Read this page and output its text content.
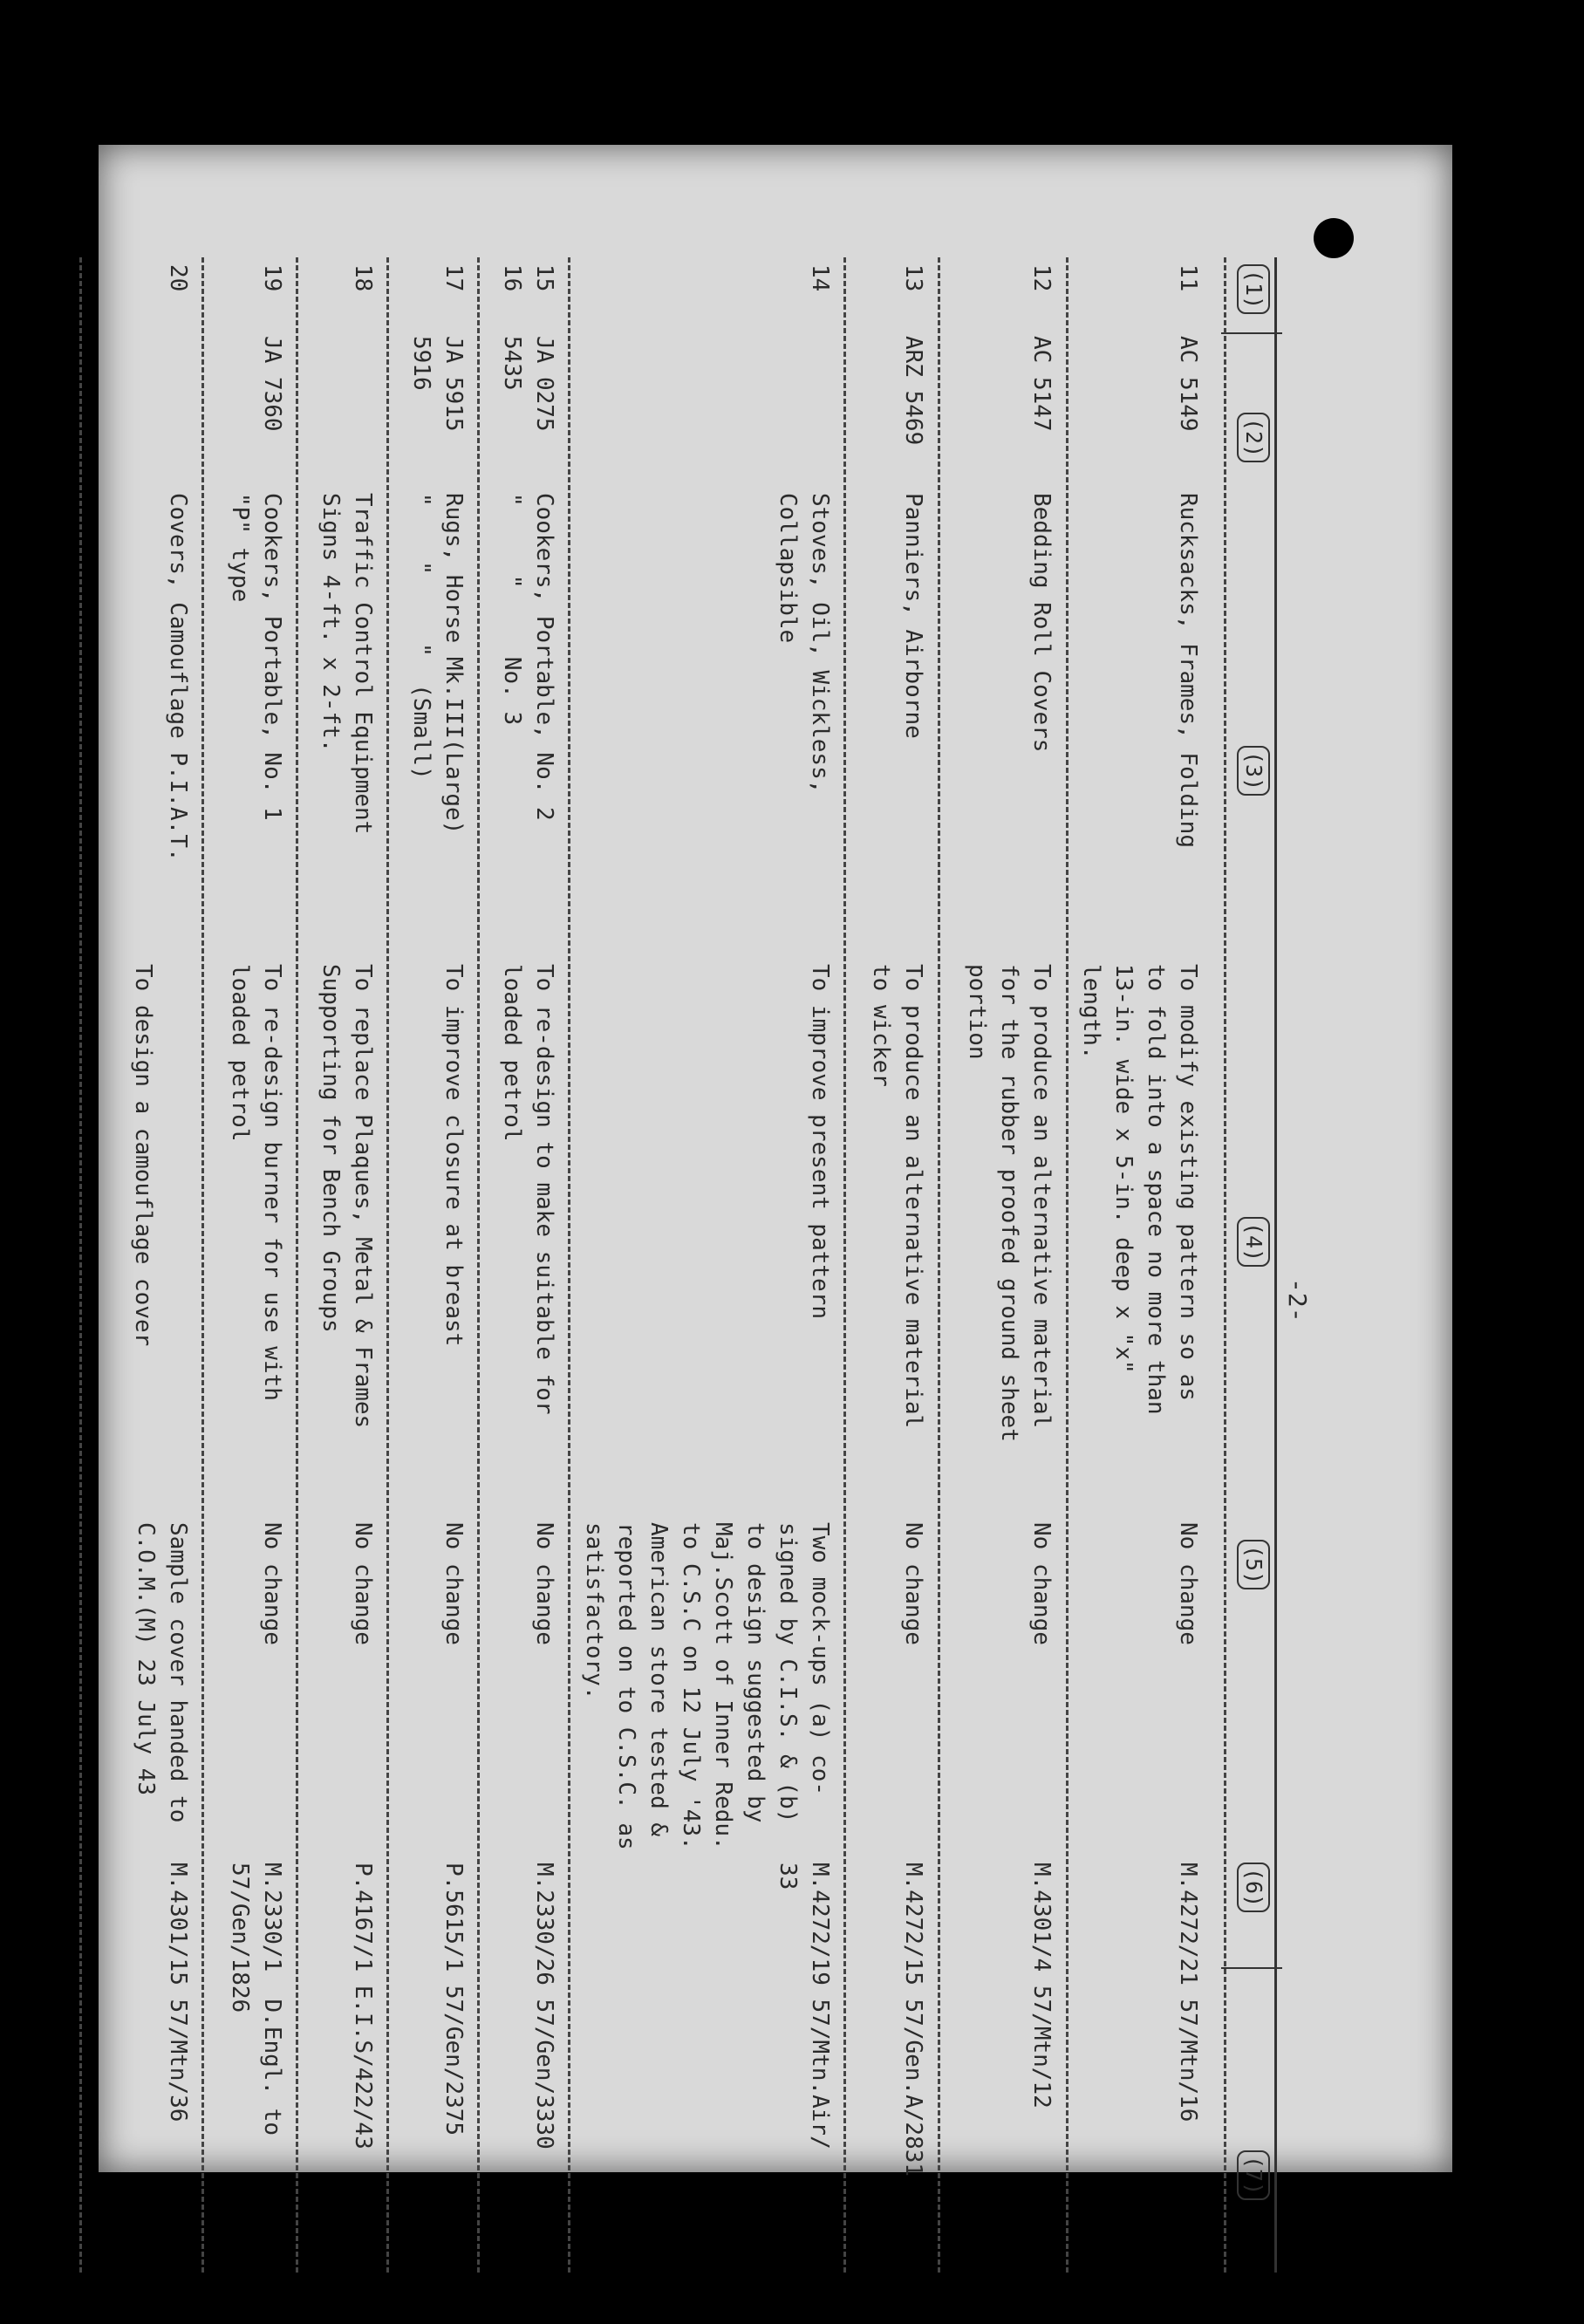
-2-
(1)
(2)
(3)
(4)
(5)
(6)
(7)
11
AC 5149
Rucksacks, Frames, Folding
To modify existing pattern so as
to fold into a space no more than
13-in. wide x 5-in. deep x "x"
length.
No change
M.4272/21 57/Mtn/16
12
AC 5147
Bedding Roll Covers
To produce an alternative material
for the rubber proofed ground sheet
portion
No change
M.4301/4 57/Mtn/12
13
ARZ 5469
Panniers, Airborne
To produce an alternative material
to wicker
No change
M.4272/15 57/Gen.A/2831
14
Stoves, Oil, Wickless,
Collapsible
To improve present pattern
Two mock-ups (a) co-
signed by C.I.S. & (b)
to design suggested by
Maj.Scott of Inner Redu.
to C.S.C on 12 July '43.
American store tested &
reported on to C.S.C. as
satisfactory.
M.4272/19 57/Mtn.Air/
33
15
16
JA 0275
5435
Cookers, Portable, No. 2
"     "     No. 3
To re-design to make suitable for
loaded petrol
No change
M.2330/26 57/Gen/3330
17
JA 5915
5916
Rugs, Horse Mk.III(Large)
"    "     "  (Small)
To improve closure at breast
No change
P.5615/1 57/Gen/2375
18
Traffic Control Equipment
Signs 4-ft. x 2-ft.
To replace Plaques, Metal & Frames
Supporting for Bench Groups
No change
P.4167/1 E.I.S/422/43
19
JA 7360
Cookers, Portable, No. 1
"P" type
To re-design burner for use with
loaded petrol
No change
M.2330/1  D.Engl. to
57/Gen/1826
20
Covers, Camouflage P.I.A.T.
To design a camouflage cover
Sample cover handed to
C.O.M.(M) 23 July 43
M.4301/15 57/Mtn/36
